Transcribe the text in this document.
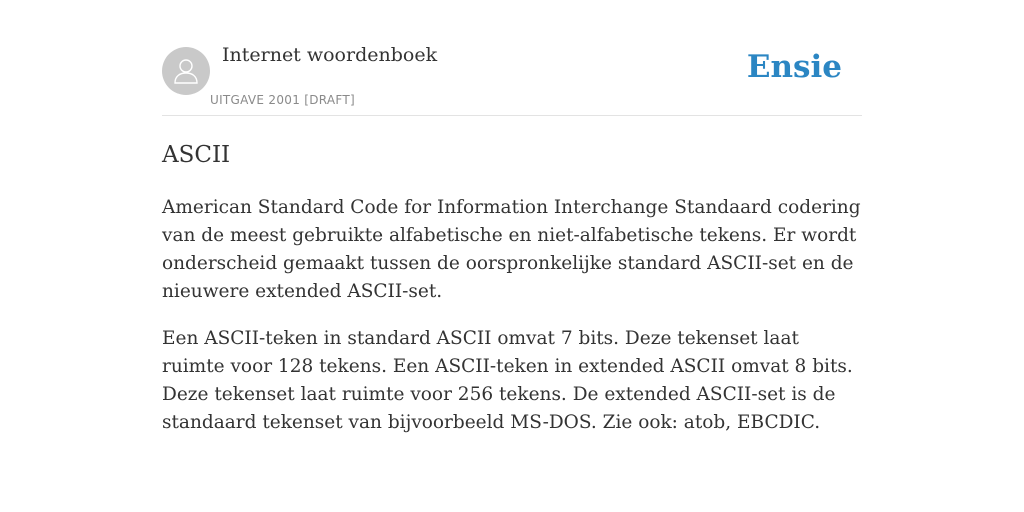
Internet woordenboek
UITGAVE 2001 [DRAFT]
Ensie
ASCII

American Standard Code for Information Interchange Standaard codering van de meest gebruikte alfabetische en niet-alfabetische tekens. Er wordt onderscheid gemaakt tussen de oorspronkelijke standard ASCII-set en de nieuwere extended ASCII-set.

Een ASCII-teken in standard ASCII omvat 7 bits. Deze tekenset laat ruimte voor 128 tekens. Een ASCII-teken in extended ASCII omvat 8 bits. Deze tekenset laat ruimte voor 256 tekens. De extended ASCII-set is de standaard tekenset van bijvoorbeeld MS-DOS. Zie ook: atob, EBCDIC.
